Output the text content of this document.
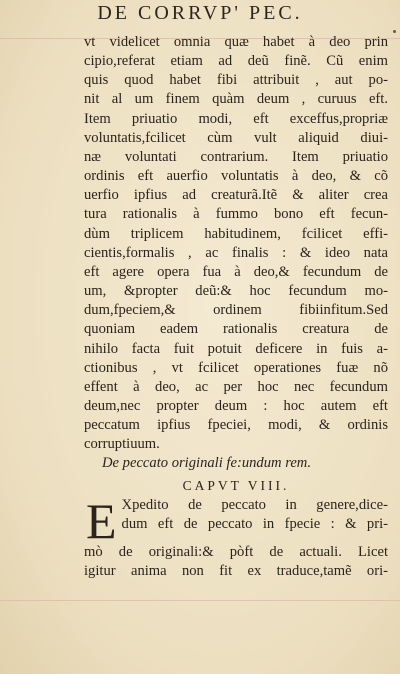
DE CORRVP' PEC.
vt videlicet omnia quæ habet à deo prin
cipio,referat etiam ad deũ finẽ. Cũ enim
quis quod habet fibi attribuit , aut po-
nit al um finem quàm deum , curuus eft.
Item priuatio modi, eft exceffus,propriæ
voluntatis,fcilicet cùm vult aliquid diui-
næ voluntati contrarium. Item priuatio
ordinis eft auerfio voluntatis à deo, & cõ
uerfio ipfius ad creaturã.Itẽ & aliter crea
tura rationalis à fummo bono eft fecun-
dùm triplicem habitudinem, fcilicet effi-
cientis,formalis , ac finalis : & ideo nata
eft agere opera fua à deo,& fecundum de
um, &propter deũ:& hoc fecundum mo-
dum,fpeciem,& ordinem fibiinfitum.Sed
quoniam eadem rationalis creatura de
nihilo facta fuit potuit deficere in fuis a-
ctionibus , vt fcilicet operationes fuæ nõ
effent à deo, ac per hoc nec fecundum
deum,nec propter deum : hoc autem eft
peccatum ipfius fpeciei, modi, & ordinis
corruptiuum.
De peccato originali fe:undum rem.
CAPVT VIII.
E Xpedito de peccato in genere,dice-
dum eft de peccato in fpecie : & pri-
mò de originali:& pòft de actuali. Licet
igitur anima non fit ex traduce,tamẽ ori-
